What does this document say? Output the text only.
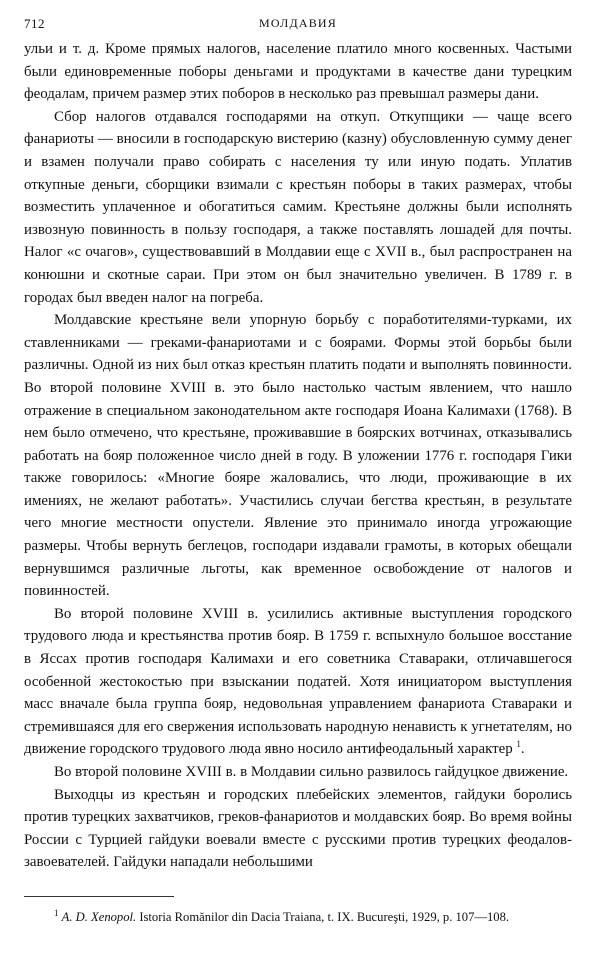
712	МОЛДАВИЯ

ульи и т. д. Кроме прямых налогов, население платило много косвенных. Частыми были единовременные поборы деньгами и продуктами в качестве дани турецким феодалам, причем размер этих поборов в несколько раз превышал размеры дани.

Сбор налогов отдавался господарями на откуп. Откупщики — чаще всего фанариоты — вносили в господарскую вистерию (казну) обусловленную сумму денег и взамен получали право собирать с населения ту или иную подать. Уплатив откупные деньги, сборщики взимали с крестьян поборы в таких размерах, чтобы возместить уплаченное и обогатиться самим. Крестьяне должны были исполнять извозную повинность в пользу господаря, а также поставлять лошадей для почты. Налог «с очагов», существовавший в Молдавии еще с XVII в., был распространен на конюшни и скотные сараи. При этом он был значительно увеличен. В 1789 г. в городах был введен налог на погреба.

Молдавские крестьяне вели упорную борьбу с поработителями-турками, их ставленниками — греками-фанариотами и с боярами. Формы этой борьбы были различны. Одной из них был отказ крестьян платить подати и выполнять повинности. Во второй половине XVIII в. это было настолько частым явлением, что нашло отражение в специальном законодательном акте господаря Иоана Калимахи (1768). В нем было отмечено, что крестьяне, проживавшие в боярских вотчинах, отказывались работать на бояр положенное число дней в году. В уложении 1776 г. господаря Гики также говорилось: «Многие бояре жаловались, что люди, проживающие в их имениях, не желают работать». Участились случаи бегства крестьян, в результате чего многие местности опустели. Явление это принимало иногда угрожающие размеры. Чтобы вернуть беглецов, господари издавали грамоты, в которых обещали вернувшимся различные льготы, как временное освобождение от налогов и повинностей.

Во второй половине XVIII в. усилились активные выступления городского трудового люда и крестьянства против бояр. В 1759 г. вспыхнуло большое восстание в Яссах против господаря Калимахи и его советника Ставараки, отличавшегося особенной жестокостью при взыскании податей. Хотя инициатором выступления масс вначале была группа бояр, недовольная управлением фанариота Ставараки и стремившаяся для его свержения использовать народную ненависть к угнетателям, но движение городского трудового люда явно носило антифеодальный характер $^1$.

Во второй половине XVIII в. в Молдавии сильно развилось гайдуцкое движение.

Выходцы из крестьян и городских плебейских элементов, гайдуки боролись против турецких захватчиков, греков-фанариотов и молдавских бояр. Во время войны России с Турцией гайдуки воевали вместе с русскими против турецких феодалов-завоевателей. Гайдуки нападали небольшими

$^1$ A. D. Xenopol. Istoria Romănilor din Dacia Traiana, t. IX. Bucureşti, 1929, p. 107—108.
